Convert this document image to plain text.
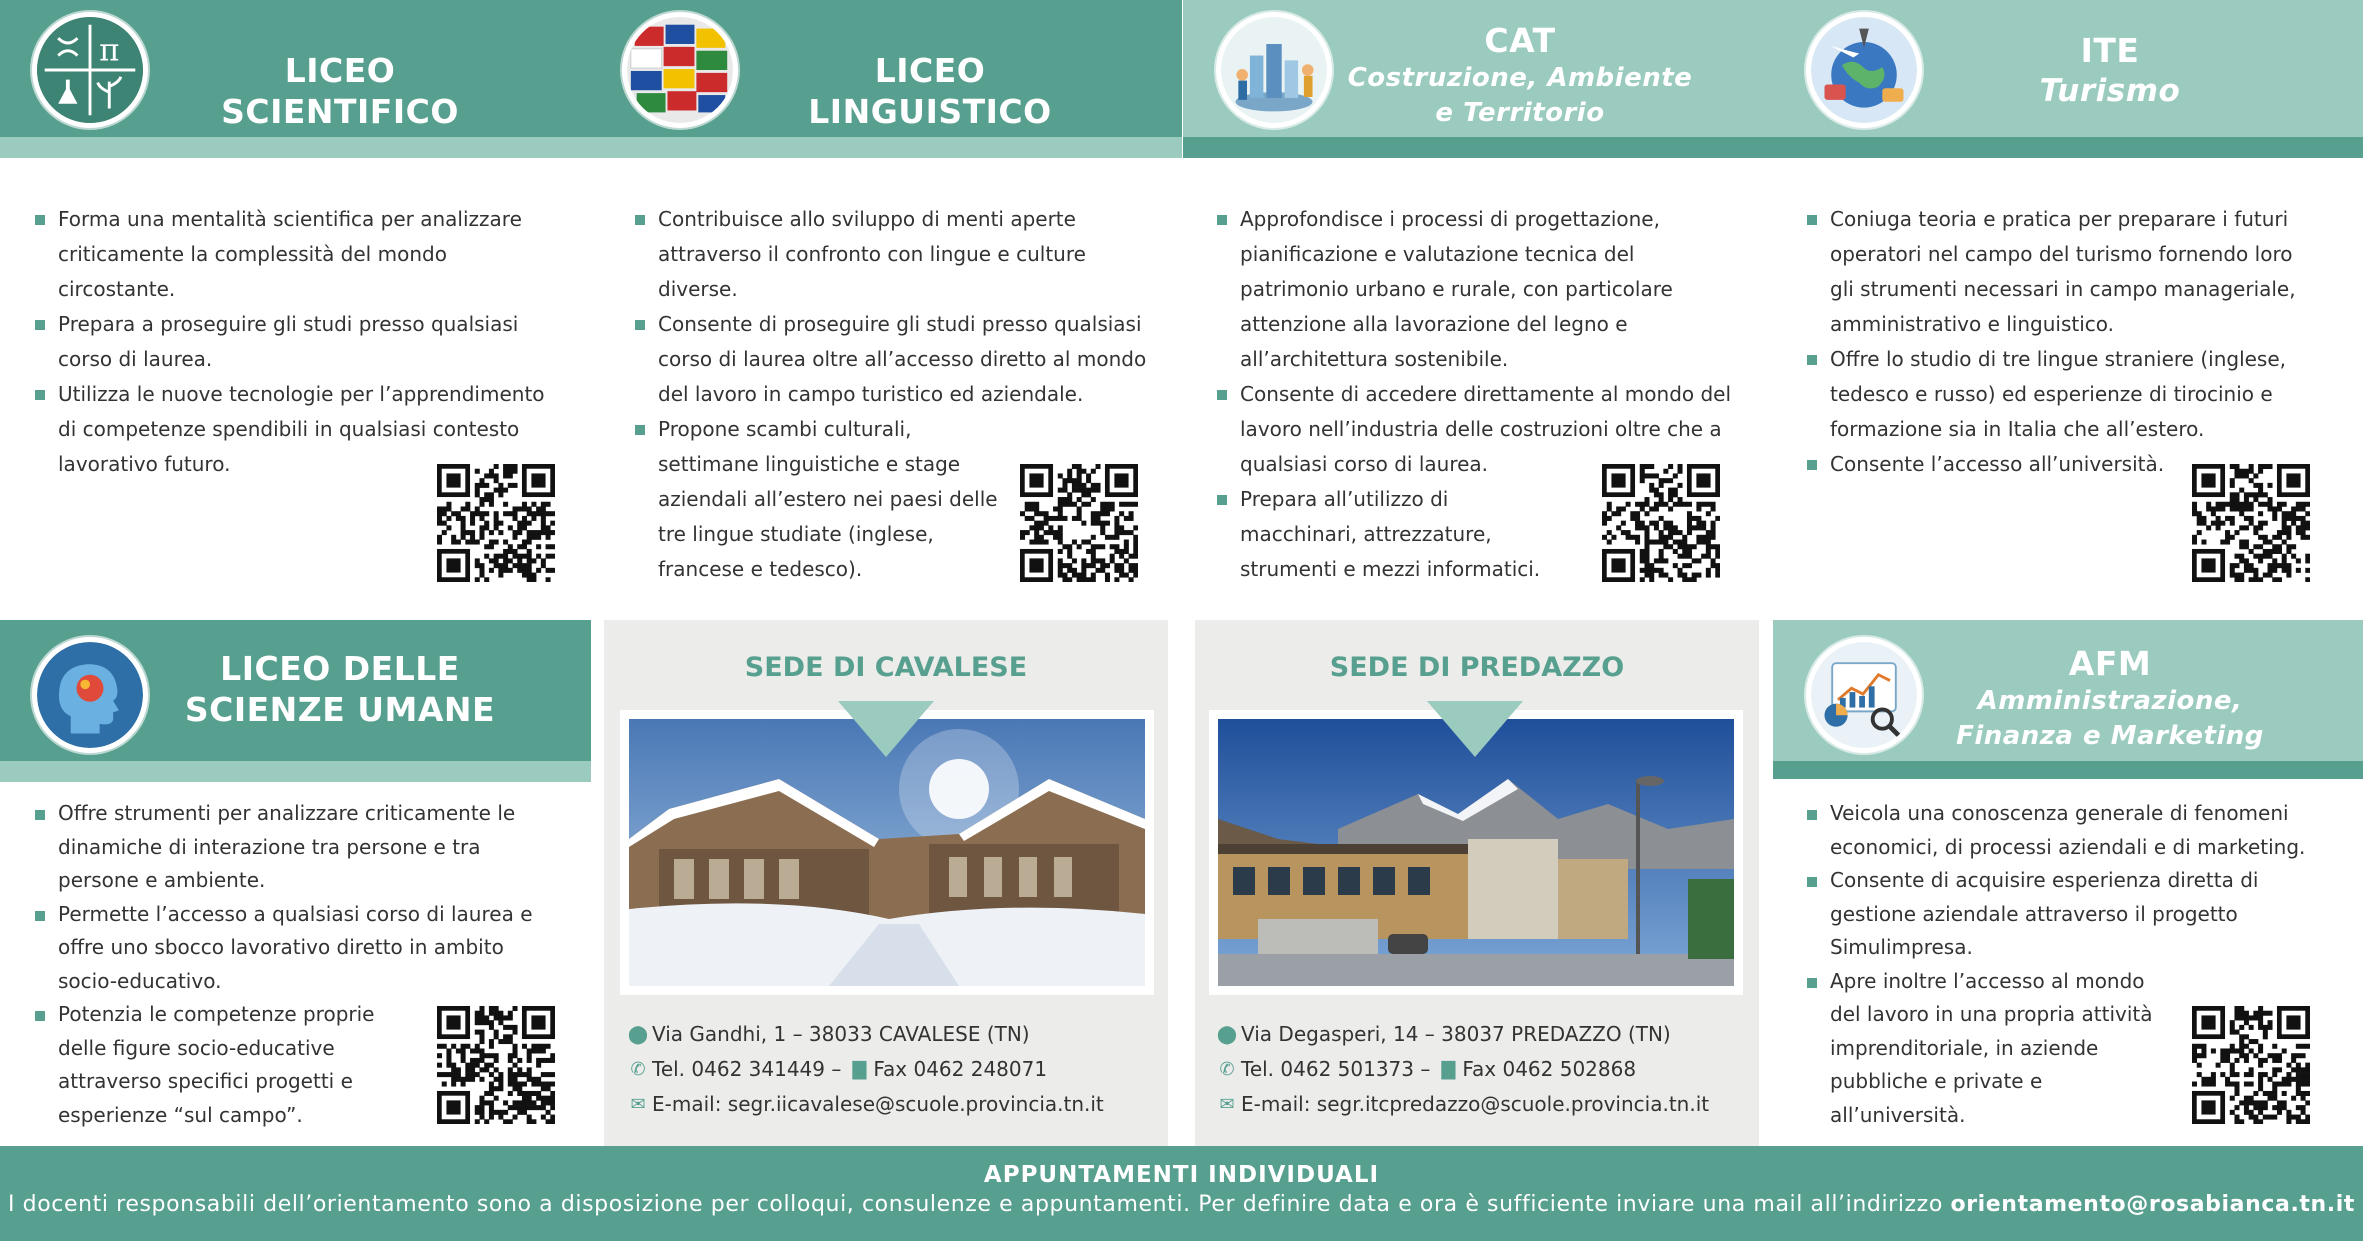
π
LICEO SCIENTIFICO
LICEO LINGUISTICO
CAT
Costruzione, Ambiente
e Territorio
ITE
Turismo
Forma una mentalità scientifica per analizzare criticamente la complessità del mondo circostante.
Prepara a proseguire gli studi presso qualsiasi corso di laurea.
Utilizza le nuove tecnologie per l’apprendimento di competenze spendibili in qualsiasi contesto lavorativo futuro.
Contribuisce allo sviluppo di menti aperte attraverso il confronto con lingue e culture diverse.
Consente di proseguire gli studi presso qualsiasi corso di laurea oltre all’accesso diretto al mondo del lavoro in campo turistico ed aziendale.
Propone scambi culturali, settimane linguistiche e stage aziendali all’estero nei paesi delle tre lingue studiate (inglese, francese e tedesco).
Approfondisce i processi di progettazione, pianificazione e valutazione tecnica del patrimonio urbano e rurale, con particolare attenzione alla lavorazione del legno e all’architettura sostenibile.
Consente di accedere direttamente al mondo del lavoro nell’industria delle costruzioni oltre che a qualsiasi corso di laurea.
Prepara all’utilizzo di macchinari, attrezzature, strumenti e mezzi informatici.
Coniuga teoria e pratica per preparare i futuri operatori nel campo del turismo fornendo loro gli strumenti necessari in campo manageriale, amministrativo e linguistico.
Offre lo studio di tre lingue straniere (inglese, tedesco e russo) ed esperienze di tirocinio e formazione sia in Italia che all’estero.
Consente l’accesso all’università.
LICEO DELLE
SCIENZE UMANE
Offre strumenti per analizzare criticamente le dinamiche di interazione tra persone e tra persone e ambiente.
Permette l’accesso a qualsiasi corso di laurea e offre uno sbocco lavorativo diretto in ambito socio-educativo.
Potenzia le competenze proprie delle figure socio-educative attraverso specifici progetti e esperienze “sul campo”.
SEDE DI CAVALESE
⬤ Via Gandhi, 1 – 38033 CAVALESE (TN)
✆ Tel. 0462 341449 – ▇ Fax 0462 248071
✉ E-mail: segr.iicavalese@scuole.provincia.tn.it
SEDE DI PREDAZZO
⬤ Via Degasperi, 14 – 38037 PREDAZZO (TN)
✆ Tel. 0462 501373 – ▇ Fax 0462 502868
✉ E-mail: segr.itcpredazzo@scuole.provincia.tn.it
AFM
Amministrazione,
Finanza e Marketing
Veicola una conoscenza generale di fenomeni economici, di processi aziendali e di marketing.
Consente di acquisire esperienza diretta di gestione aziendale attraverso il progetto Simulimpresa.
Apre inoltre l’accesso al mondo del lavoro in una propria attività imprenditoriale, in aziende pubbliche e private e all’università.
APPUNTAMENTI INDIVIDUALI
I docenti responsabili dell’orientamento sono a disposizione per colloqui, consulenze e appuntamenti. Per definire data e ora è sufficiente inviare una mail all’indirizzo orientamento@rosabianca.tn.it
